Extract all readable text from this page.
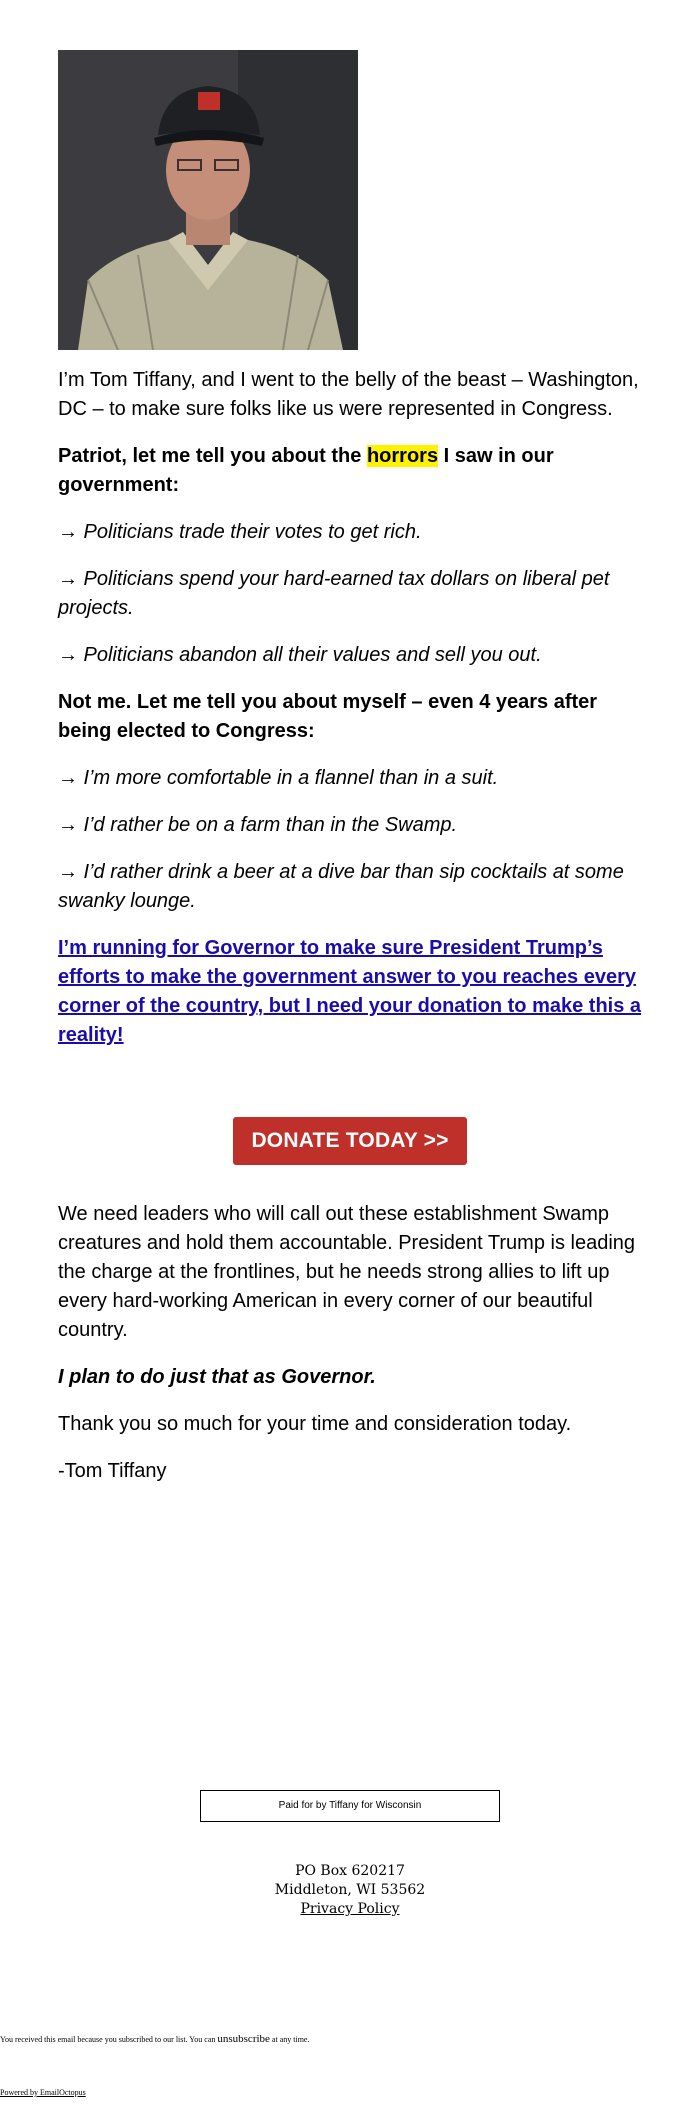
I’m Tom Tiffany, and I went to the belly of the beast – Washington, DC – to make sure folks like us were represented in Congress.

Patriot, let me tell you about the horrors I saw in our government:

→ Politicians trade their votes to get rich.

→ Politicians spend your hard-earned tax dollars on liberal pet projects.

→ Politicians abandon all their values and sell you out.

Not me. Let me tell you about myself – even 4 years after being elected to Congress:

→ I’m more comfortable in a flannel than in a suit.

→ I’d rather be on a farm than in the Swamp.

→ I’d rather drink a beer at a dive bar than sip cocktails at some swanky lounge.

I’m running for Governor to make sure President Trump’s efforts to make the government answer to you reaches every corner of the country, but I need your donation to make this a reality!

DONATE TODAY >>

We need leaders who will call out these establishment Swamp creatures and hold them accountable. President Trump is leading the charge at the frontlines, but he needs strong allies to lift up every hard-working American in every corner of our beautiful country.

I plan to do just that as Governor.

Thank you so much for your time and consideration today.

-Tom Tiffany

Paid for by Tiffany for Wisconsin
PO Box 620217
Middleton, WI 53562
Privacy Policy
You received this email because you subscribed to our list. You can unsubscribe at any time.
Powered by EmailOctopus
